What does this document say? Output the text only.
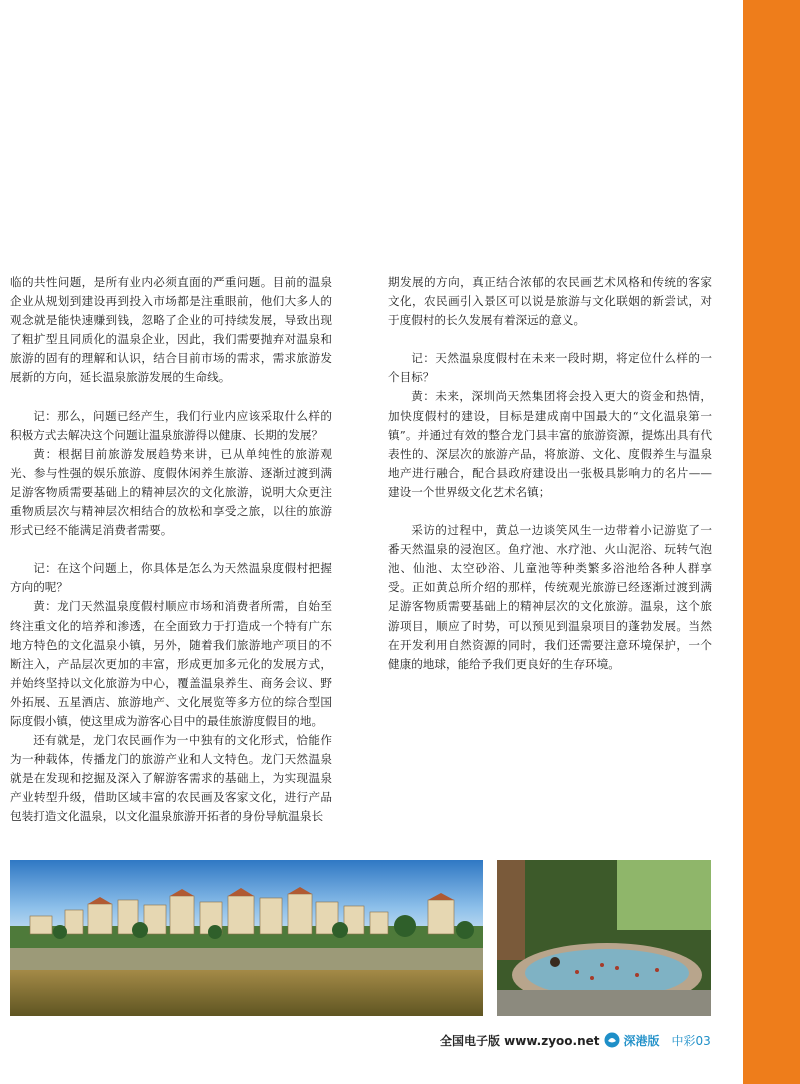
临的共性问题，是所有业内必须直面的严重问题。目前的温泉企业从规划到建设再到投入市场都是注重眼前，他们大多人的观念就是能快速赚到钱，忽略了企业的可持续发展，导致出现了粗扩型且同质化的温泉企业，因此，我们需要抛弃对温泉和旅游的固有的理解和认识，结合目前市场的需求，需求旅游发展新的方向，延长温泉旅游发展的生命线。

记：那么，问题已经产生，我们行业内应该采取什么样的积极方式去解决这个问题让温泉旅游得以健康、长期的发展？

黄：根据目前旅游发展趋势来讲，已从单纯性的旅游观光、参与性强的娱乐旅游、度假休闲养生旅游、逐渐过渡到满足游客物质需要基础上的精神层次的文化旅游，说明大众更注重物质层次与精神层次相结合的放松和享受之旅，以往的旅游形式已经不能满足消费者需要。

记：在这个问题上，你具体是怎么为天然温泉度假村把握方向的呢？

黄：龙门天然温泉度假村顺应市场和消费者所需，自始至终注重文化的培养和渗透，在全面致力于打造成一个特有广东地方特色的文化温泉小镇，另外，随着我们旅游地产项目的不断注入，产品层次更加的丰富，形成更加多元化的发展方式，并始终坚持以文化旅游为中心，覆盖温泉养生、商务会议、野外拓展、五星酒店、旅游地产、文化展览等多方位的综合型国际度假小镇，使这里成为游客心目中的最佳旅游度假目的地。

还有就是，龙门农民画作为一中独有的文化形式，恰能作为一种载体，传播龙门的旅游产业和人文特色。龙门天然温泉就是在发现和挖掘及深入了解游客需求的基础上，为实现温泉产业转型升级，借助区域丰富的农民画及客家文化，进行产品包装打造文化温泉，以文化温泉旅游开拓者的身份导航温泉长

期发展的方向，真正结合浓郁的农民画艺术风格和传统的客家文化，农民画引入景区可以说是旅游与文化联姻的新尝试，对于度假村的长久发展有着深远的意义。

记：天然温泉度假村在未来一段时期，将定位什么样的一个目标？

黄：未来，深圳尚天然集团将会投入更大的资金和热情，加快度假村的建设，目标是建成南中国最大的“文化温泉第一镇”。并通过有效的整合龙门县丰富的旅游资源，提炼出具有代表性的、深层次的旅游产品，将旅游、文化、度假养生与温泉地产进行融合，配合县政府建设出一张极具影响力的名片——建设一个世界级文化艺术名镇；

采访的过程中，黄总一边谈笑风生一边带着小记游览了一番天然温泉的浸泡区。鱼疗池、水疗池、火山泥浴、玩转气泡池、仙池、太空砂浴、儿童池等种类繁多浴池给各种人群享受。正如黄总所介绍的那样，传统观光旅游已经逐渐过渡到满足游客物质需要基础上的精神层次的文化旅游。温泉，这个旅游项目，顺应了时势，可以预见到温泉项目的蓬勃发展。当然在开发利用自然资源的同时，我们还需要注意环境保护，一个健康的地球，能给予我们更良好的生存环境。

全国电子版 www.zyoo.net 深港版 中彩03
